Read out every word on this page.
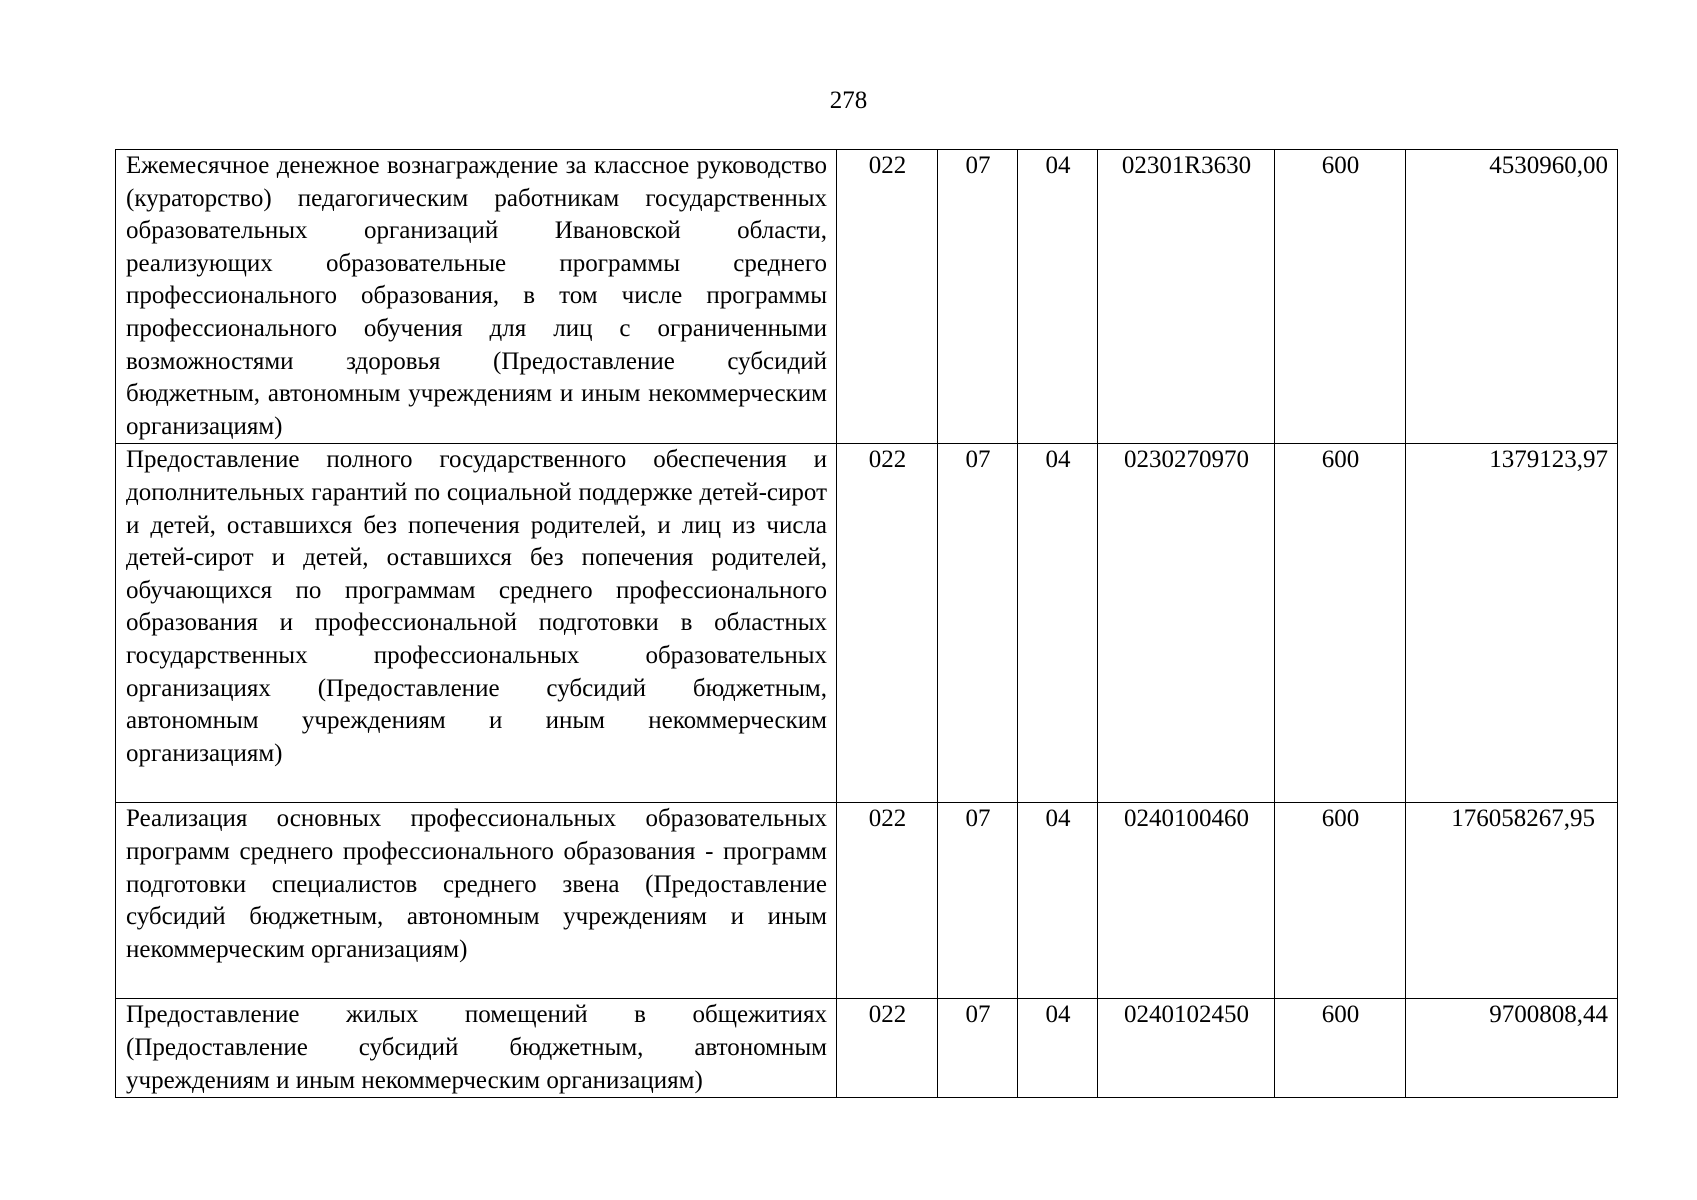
278
Ежемесячное денежное вознаграждение за классное руководство (кураторство) педагогическим работникам государственных образовательных организаций Ивановской области, реализующих образовательные программы среднего профессионального образования, в том числе программы профессионального обучения для лиц с ограниченными возможностями здоровья (Предоставление субсидий бюджетным, автономным учреждениям и иным некоммерческим организациям)	022	07	04	02301R3630	600	4530960,00
Предоставление полного государственного обеспечения и дополнительных гарантий по социальной поддержке детей-сирот и детей, оставшихся без попечения родителей, и лиц из числа детей-сирот и детей, оставшихся без попечения родителей, обучающихся по программам среднего профессионального образования и профессиональной подготовки в областных государственных профессиональных образовательных организациях (Предоставление субсидий бюджетным, автономным учреждениям и иным некоммерческим организациям)	022	07	04	0230270970	600	1379123,97
Реализация основных профессиональных образовательных программ среднего профессионального образования - программ подготовки специалистов среднего звена (Предоставление субсидий бюджетным, автономным учреждениям и иным некоммерческим организациям)	022	07	04	0240100460	600	176058267,95
Предоставление жилых помещений в общежитиях (Предоставление субсидий бюджетным, автономным учреждениям и иным некоммерческим организациям)	022	07	04	0240102450	600	9700808,44
